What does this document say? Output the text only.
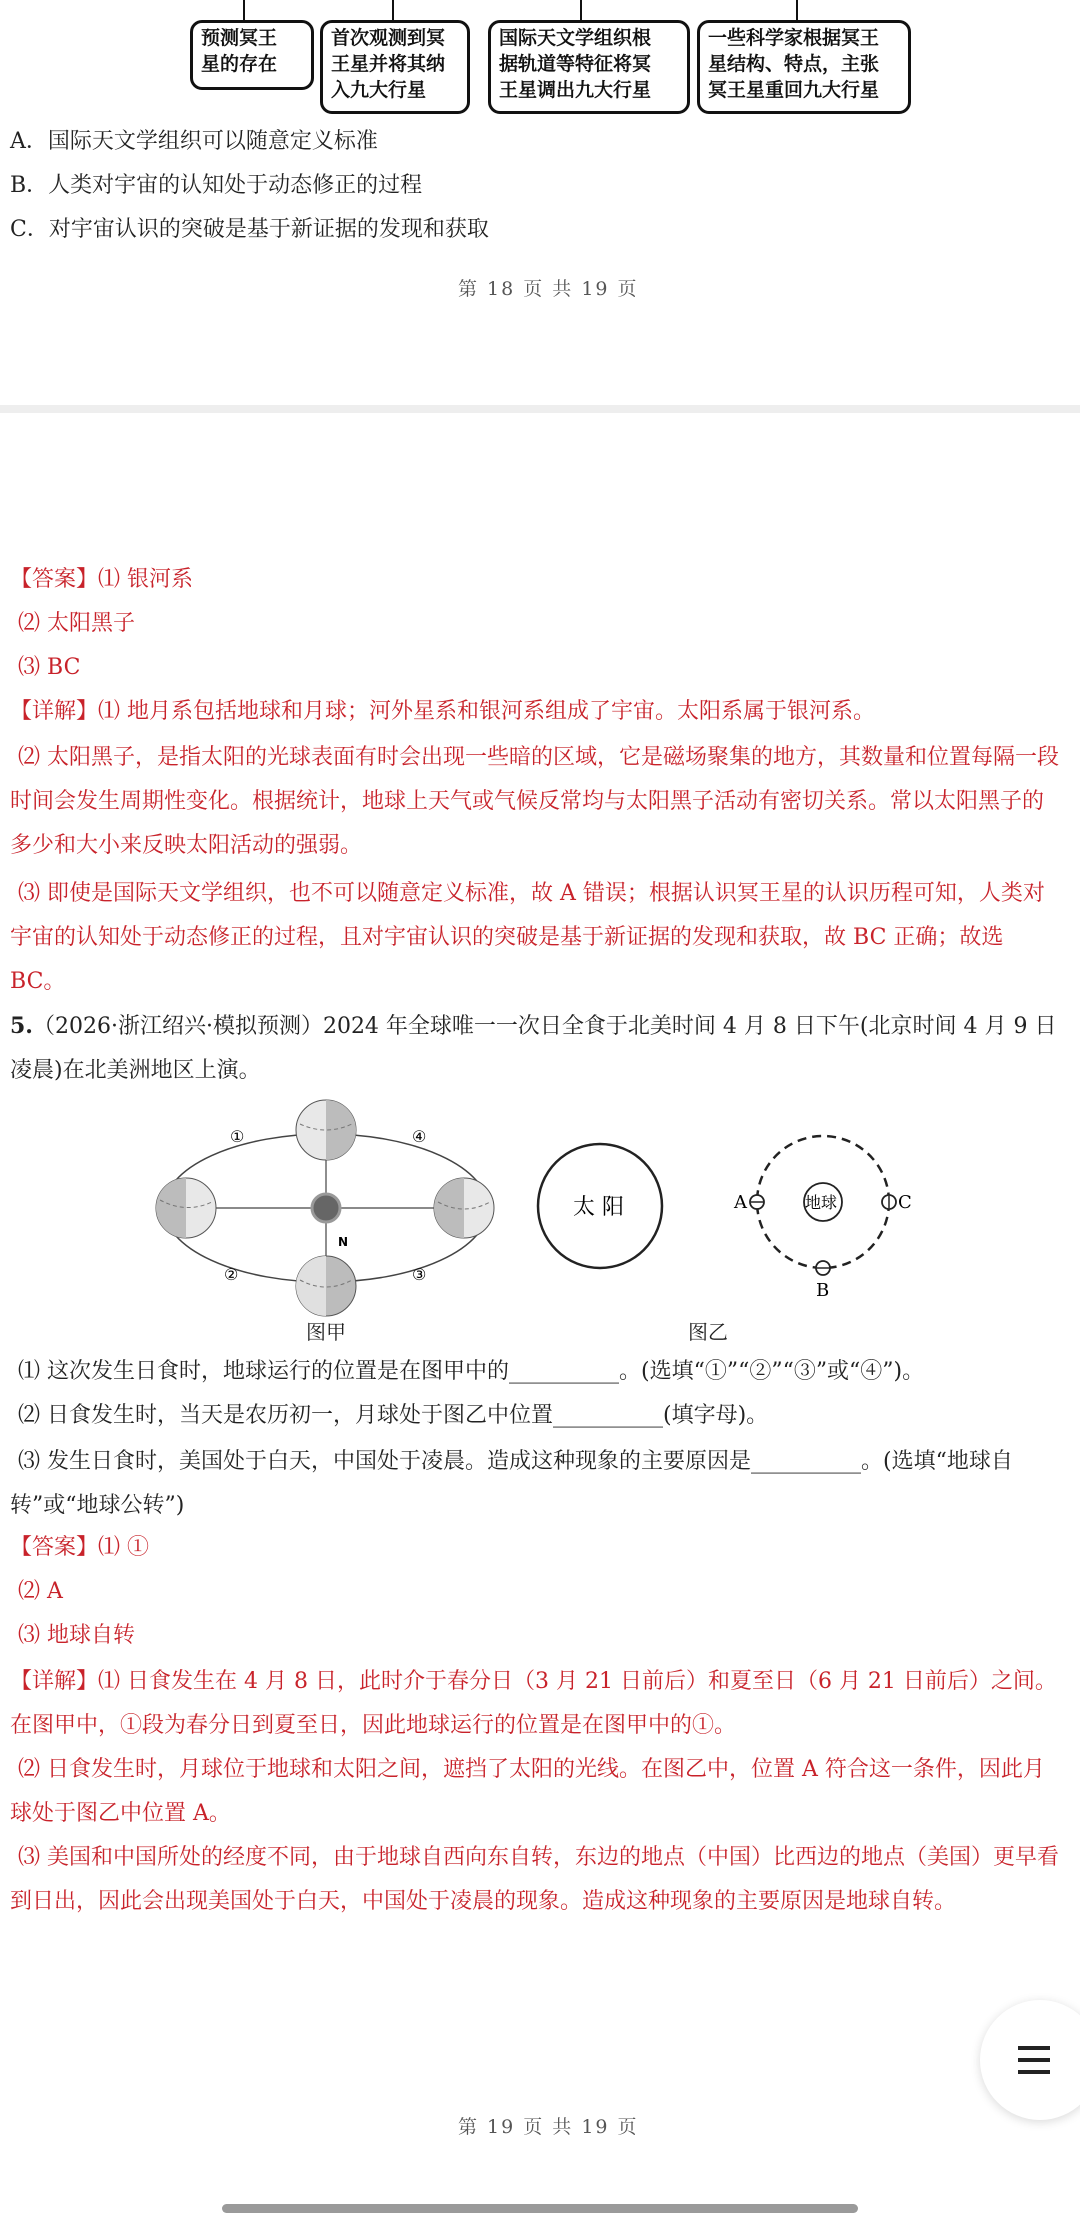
预测冥王
星的存在
首次观测到冥
王星并将其纳
入九大行星
国际天文学组织根
据轨道等特征将冥
王星调出九大行星
一些科学家根据冥王
星结构、特点，主张
冥王星重回九大行星
A．国际天文学组织可以随意定义标准
B．人类对宇宙的认知处于动态修正的过程
C．对宇宙认识的突破是基于新证据的发现和获取
第 18 页 共 19 页
【答案】⑴ 银河系
⑵ 太阳黑子
⑶ BC
【详解】⑴ 地月系包括地球和月球；河外星系和银河系组成了宇宙。太阳系属于银河系。
⑵ 太阳黑子，是指太阳的光球表面有时会出现一些暗的区域，它是磁场聚集的地方，其数量和位置每隔一段时间会发生周期性变化。根据统计，地球上天气或气候反常均与太阳黑子活动有密切关系。常以太阳黑子的多少和大小来反映太阳活动的强弱。
⑶ 即使是国际天文学组织，也不可以随意定义标准，故 A 错误；根据认识冥王星的认识历程可知，人类对宇宙的认知处于动态修正的过程，且对宇宙认识的突破是基于新证据的发现和获取，故 BC 正确；故选 BC。
5.（2026·浙江绍兴·模拟预测）2024 年全球唯一一次日全食于北美时间 4 月 8 日下午(北京时间 4 月 9 日凌晨)在北美洲地区上演。
①
②	③
④
N
图甲
太 阳	地球
A
B
C
图乙
⑴ 这次发生日食时，地球运行的位置是在图甲中的__________。(选填“①”“②”“③”或“④”)。
⑵ 日食发生时，当天是农历初一，月球处于图乙中位置__________(填字母)。
⑶ 发生日食时，美国处于白天，中国处于凌晨。造成这种现象的主要原因是__________。(选填“地球自转”或“地球公转”)
【答案】⑴ ①
⑵ A
⑶ 地球自转
【详解】⑴ 日食发生在 4 月 8 日，此时介于春分日（3 月 21 日前后）和夏至日（6 月 21 日前后）之间。在图甲中，①段为春分日到夏至日，因此地球运行的位置是在图甲中的①。
⑵ 日食发生时，月球位于地球和太阳之间，遮挡了太阳的光线。在图乙中，位置 A 符合这一条件，因此月球处于图乙中位置 A。
⑶ 美国和中国所处的经度不同，由于地球自西向东自转，东边的地点（中国）比西边的地点（美国）更早看到日出，因此会出现美国处于白天，中国处于凌晨的现象。造成这种现象的主要原因是地球自转。
第 19 页 共 19 页
